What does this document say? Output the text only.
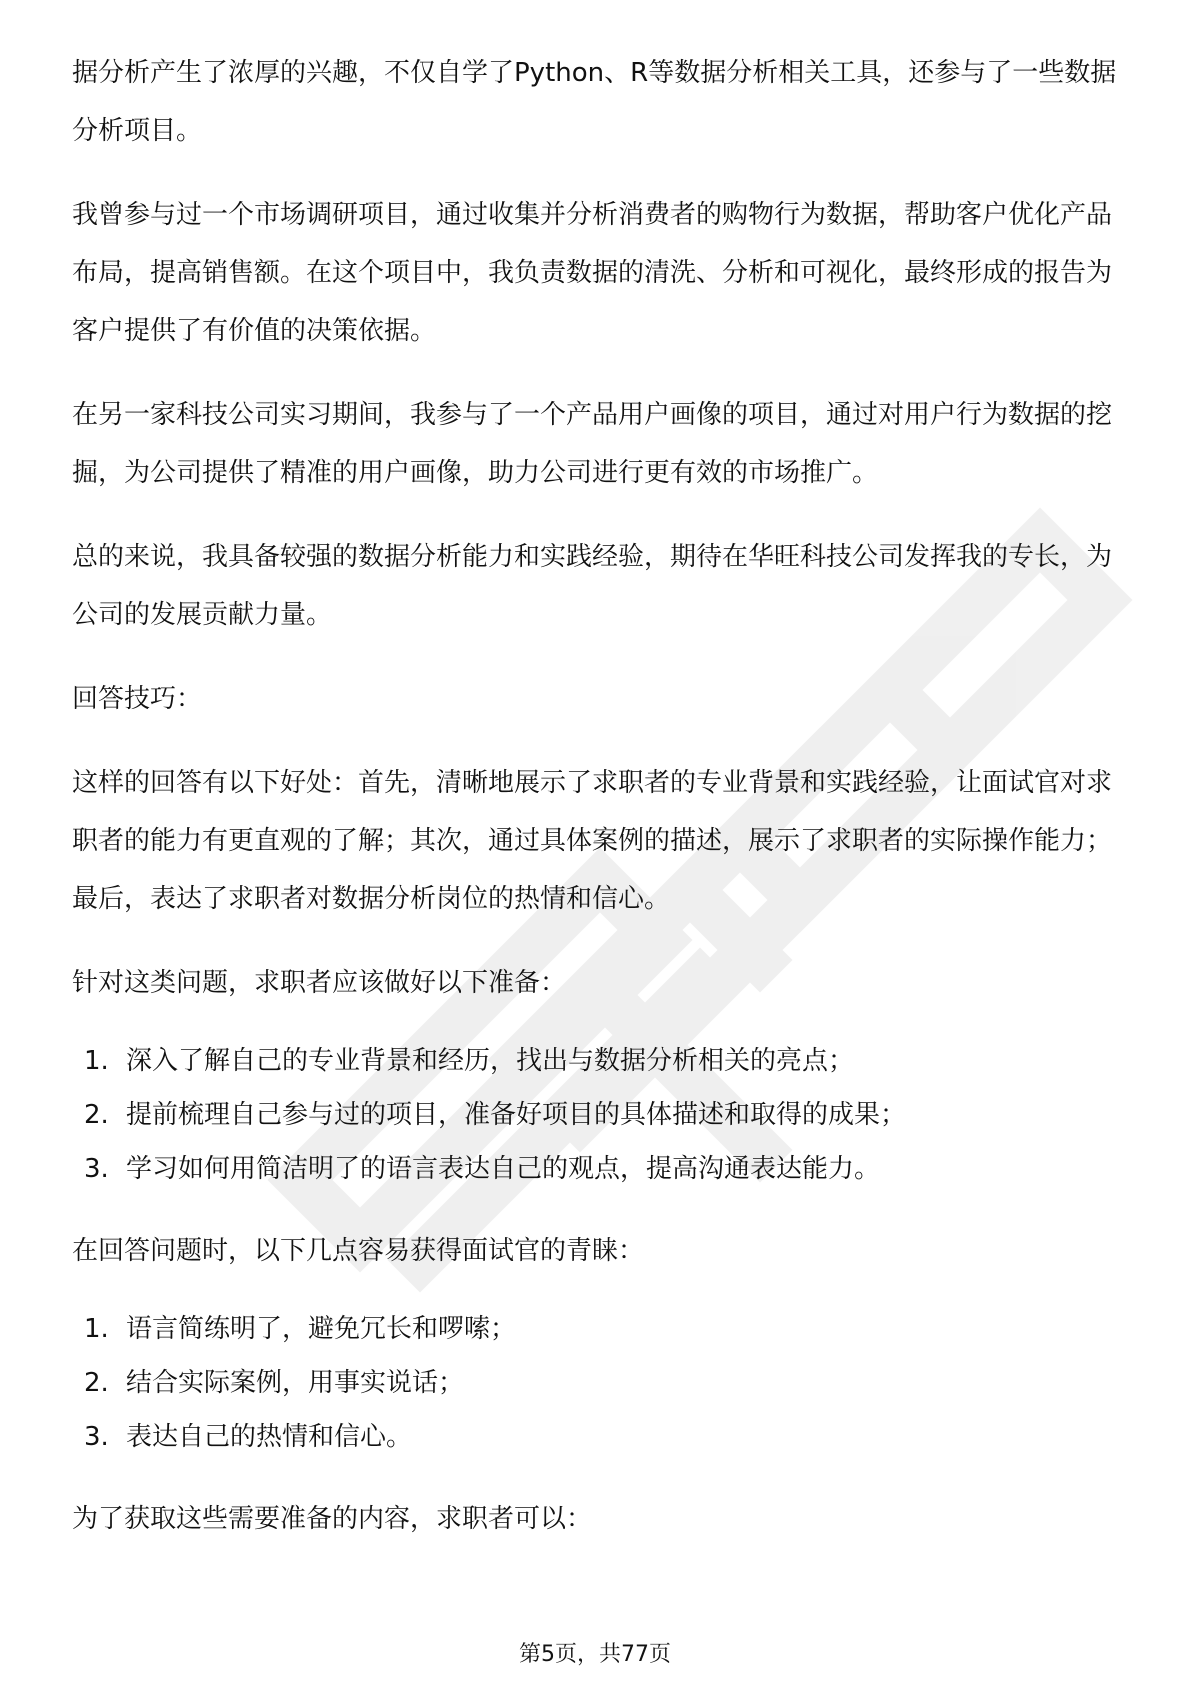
据分析产生了浓厚的兴趣，不仅自学了Python、R等数据分析相关工具，还参与了一些数据分析项目。

我曾参与过一个市场调研项目，通过收集并分析消费者的购物行为数据，帮助客户优化产品布局，提高销售额。在这个项目中，我负责数据的清洗、分析和可视化，最终形成的报告为客户提供了有价值的决策依据。

在另一家科技公司实习期间，我参与了一个产品用户画像的项目，通过对用户行为数据的挖掘，为公司提供了精准的用户画像，助力公司进行更有效的市场推广。

总的来说，我具备较强的数据分析能力和实践经验，期待在华旺科技公司发挥我的专长，为公司的发展贡献力量。

回答技巧：

这样的回答有以下好处：首先，清晰地展示了求职者的专业背景和实践经验，让面试官对求职者的能力有更直观的了解；其次，通过具体案例的描述，展示了求职者的实际操作能力；最后，表达了求职者对数据分析岗位的热情和信心。

针对这类问题，求职者应该做好以下准备：

1. 深入了解自己的专业背景和经历，找出与数据分析相关的亮点；
2. 提前梳理自己参与过的项目，准备好项目的具体描述和取得的成果；
3. 学习如何用简洁明了的语言表达自己的观点，提高沟通表达能力。

在回答问题时，以下几点容易获得面试官的青睐：

1. 语言简练明了，避免冗长和啰嗦；
2. 结合实际案例，用事实说话；
3. 表达自己的热情和信心。

为了获取这些需要准备的内容，求职者可以：

第5页，共77页
